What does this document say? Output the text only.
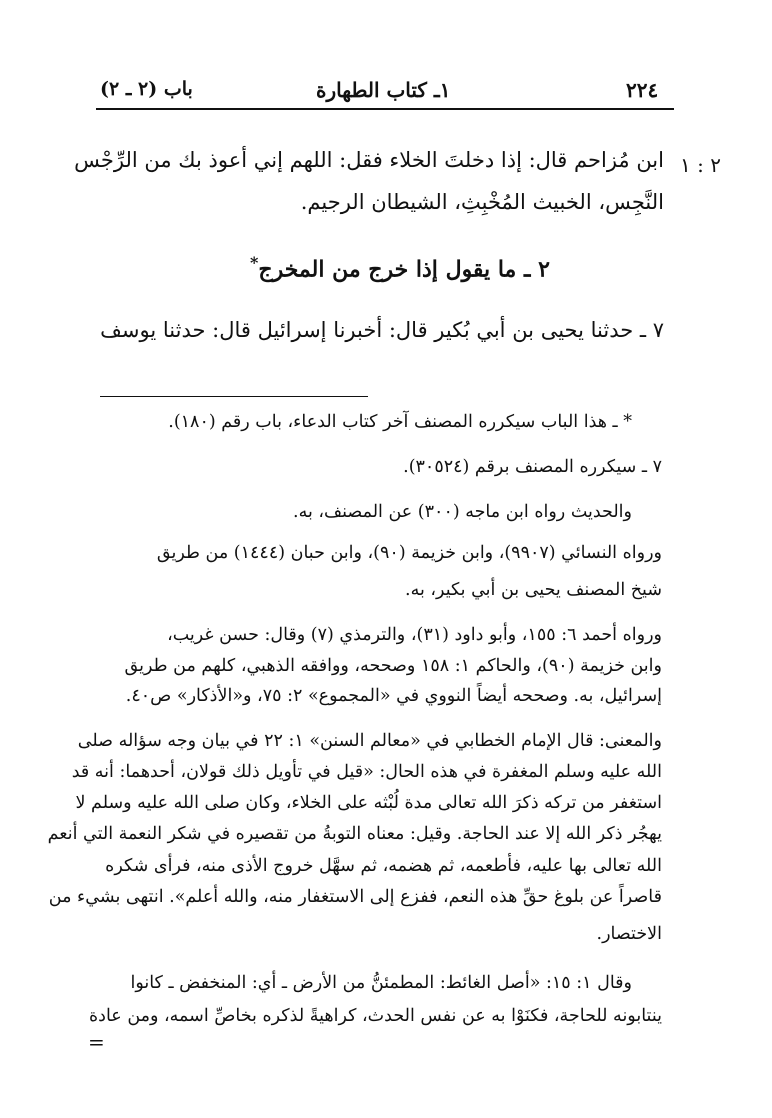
باب (٢ ـ ٢)	١ـ كتاب الطهارة	٢٢٤
٢ : ١
ابن مُزاحم قال: إذا دخلتَ الخلاء فقل: اللهم إني أعوذ بك من الرِّجْس
النَّجِس، الخبيث المُخْبِثِ، الشيطان الرجيم.
٢ ـ ما يقول إذا خرج من المخرج*
٧ ـ حدثنا يحيى بن أبي بُكير قال: أخبرنا إسرائيل قال: حدثنا يوسف
* ـ هذا الباب سيكرره المصنف آخر كتاب الدعاء، باب رقم (١٨٠).
٧ ـ سيكرره المصنف برقم (٣٠٥٢٤).
والحديث رواه ابن ماجه (٣٠٠) عن المصنف، به.
ورواه النسائي (٩٩٠٧)، وابن خزيمة (٩٠)، وابن حبان (١٤٤٤) من طريق
شيخ المصنف يحيى بن أبي بكير، به.
ورواه أحمد ٦: ١٥٥، وأبو داود (٣١)، والترمذي (٧) وقال: حسن غريب،
وابن خزيمة (٩٠)، والحاكم ١: ١٥٨ وصححه، ووافقه الذهبي، كلهم من طريق
إسرائيل، به. وصححه أيضاً النووي في «المجموع» ٢: ٧٥، و«الأذكار» ص٤٠.
والمعنى: قال الإمام الخطابي في «معالم السنن» ١: ٢٢ في بيان وجه سؤاله صلى
الله عليه وسلم المغفرة في هذه الحال: «قيل في تأويل ذلك قولان، أحدهما: أنه قد
استغفر من تركه ذكرَ الله تعالى مدة لُبْثه على الخلاء، وكان صلى الله عليه وسلم لا
يهجُر ذكر الله إلا عند الحاجة. وقيل: معناه التوبةُ من تقصيره في شكر النعمة التي أنعم
الله تعالى بها عليه، فأطعمه، ثم هضمه، ثم سهَّل خروج الأذى منه، فرأى شكره
قاصراً عن بلوغ حقِّ هذه النعم، ففزع إلى الاستغفار منه، والله أعلم». انتهى بشيء من
الاختصار.
وقال ١: ١٥: «أصل الغائط: المطمئنُّ من الأرض ـ أي: المنخفض ـ كانوا
ينتابونه للحاجة، فكنَوْا به عن نفس الحدث، كراهيةً لذكره بخاصِّ اسمه، ومن عادة
=
